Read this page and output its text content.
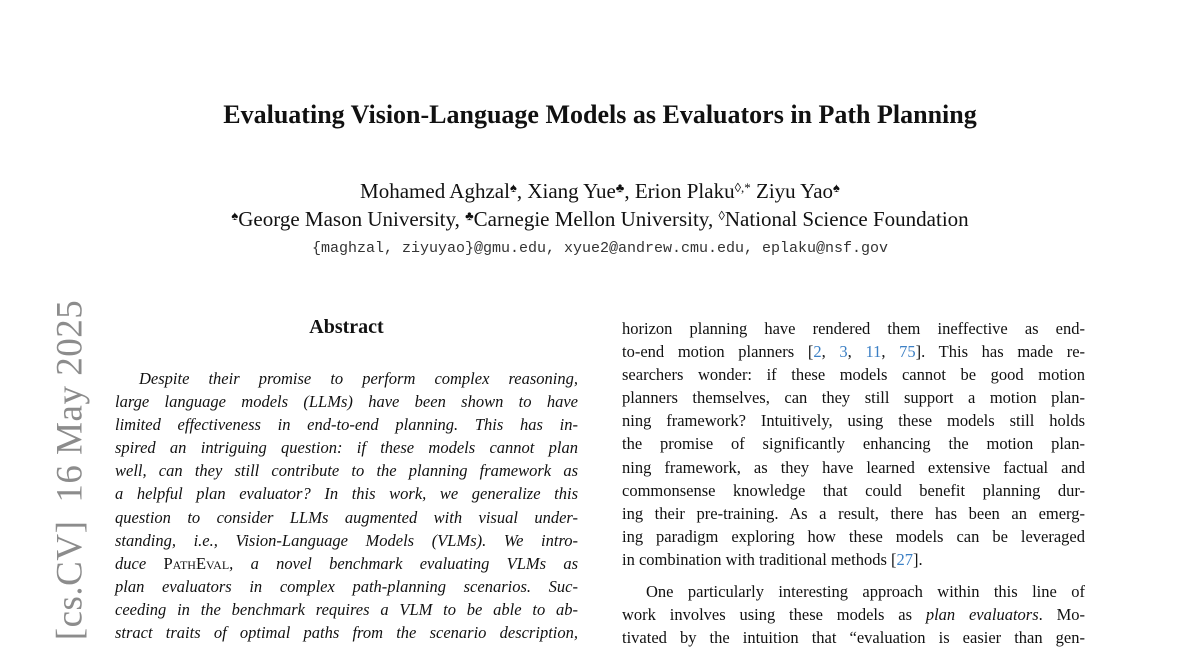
[cs.CV]16 May 2025
Evaluating Vision-Language Models as Evaluators in Path Planning
Mohamed Aghzal♠, Xiang Yue♣, Erion Plaku◊,* Ziyu Yao♠
♠George Mason University, ♣Carnegie Mellon University, ◊National Science Foundation
{maghzal, ziyuyao}@gmu.edu, xyue2@andrew.cmu.edu, eplaku@nsf.gov
Abstract
Despite their promise to perform complex reasoning,
large language models (LLMs) have been shown to have
limited effectiveness in end-to-end planning. This has in-
spired an intriguing question: if these models cannot plan
well, can they still contribute to the planning framework as
a helpful plan evaluator? In this work, we generalize this
question to consider LLMs augmented with visual under-
standing, i.e., Vision-Language Models (VLMs). We intro-
duce PathEval, a novel benchmark evaluating VLMs as
plan evaluators in complex path-planning scenarios. Suc-
ceeding in the benchmark requires a VLM to be able to ab-
stract traits of optimal paths from the scenario description,
horizon planning have rendered them ineffective as end-
to-end motion planners [2, 3, 11, 75]. This has made re-
searchers wonder: if these models cannot be good motion
planners themselves, can they still support a motion plan-
ning framework? Intuitively, using these models still holds
the promise of significantly enhancing the motion plan-
ning framework, as they have learned extensive factual and
commonsense knowledge that could benefit planning dur-
ing their pre-training. As a result, there has been an emerg-
ing paradigm exploring how these models can be leveraged
in combination with traditional methods [27].
One particularly interesting approach within this line of
work involves using these models as plan evaluators. Mo-
tivated by the intuition that “evaluation is easier than gen-
